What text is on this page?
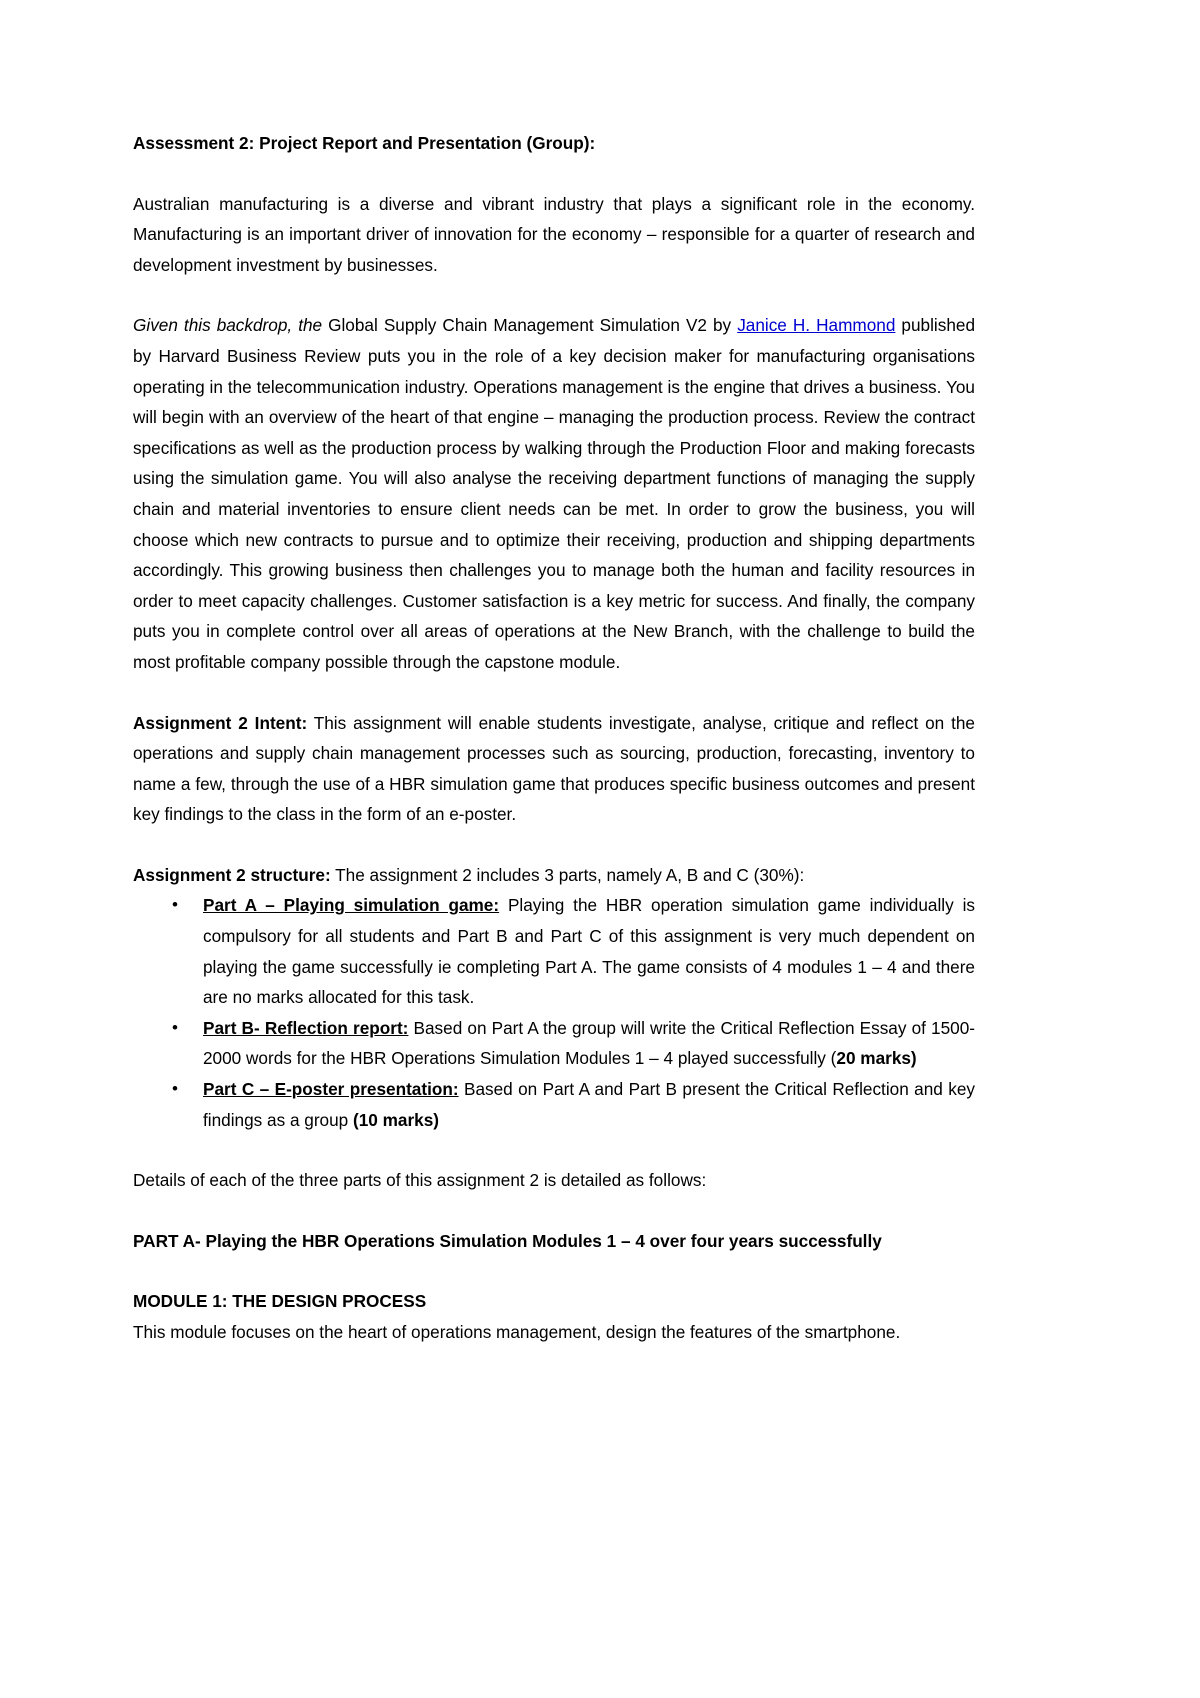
Assessment 2: Project Report and Presentation (Group):

Australian manufacturing is a diverse and vibrant industry that plays a significant role in the economy. Manufacturing is an important driver of innovation for the economy – responsible for a quarter of research and development investment by businesses.

Given this backdrop, the Global Supply Chain Management Simulation V2 by Janice H. Hammond published by Harvard Business Review puts you in the role of a key decision maker for manufacturing organisations operating in the telecommunication industry. Operations management is the engine that drives a business. You will begin with an overview of the heart of that engine – managing the production process. Review the contract specifications as well as the production process by walking through the Production Floor and making forecasts using the simulation game. You will also analyse the receiving department functions of managing the supply chain and material inventories to ensure client needs can be met. In order to grow the business, you will choose which new contracts to pursue and to optimize their receiving, production and shipping departments accordingly. This growing business then challenges you to manage both the human and facility resources in order to meet capacity challenges. Customer satisfaction is a key metric for success. And finally, the company puts you in complete control over all areas of operations at the New Branch, with the challenge to build the most profitable company possible through the capstone module.

Assignment 2 Intent: This assignment will enable students investigate, analyse, critique and reflect on the operations and supply chain management processes such as sourcing, production, forecasting, inventory to name a few, through the use of a HBR simulation game that produces specific business outcomes and present key findings to the class in the form of an e-poster.

Assignment 2 structure: The assignment 2 includes 3 parts, namely A, B and C (30%):

• Part A – Playing simulation game: Playing the HBR operation simulation game individually is compulsory for all students and Part B and Part C of this assignment is very much dependent on playing the game successfully ie completing Part A. The game consists of 4 modules 1 – 4 and there are no marks allocated for this task.
• Part B- Reflection report: Based on Part A the group will write the Critical Reflection Essay of 1500-2000 words for the HBR Operations Simulation Modules 1 – 4 played successfully (20 marks)
• Part C – E-poster presentation: Based on Part A and Part B present the Critical Reflection and key findings as a group (10 marks)

Details of each of the three parts of this assignment 2 is detailed as follows:

PART A- Playing the HBR Operations Simulation Modules 1 – 4 over four years successfully

MODULE 1: THE DESIGN PROCESS

This module focuses on the heart of operations management, design the features of the smartphone.
